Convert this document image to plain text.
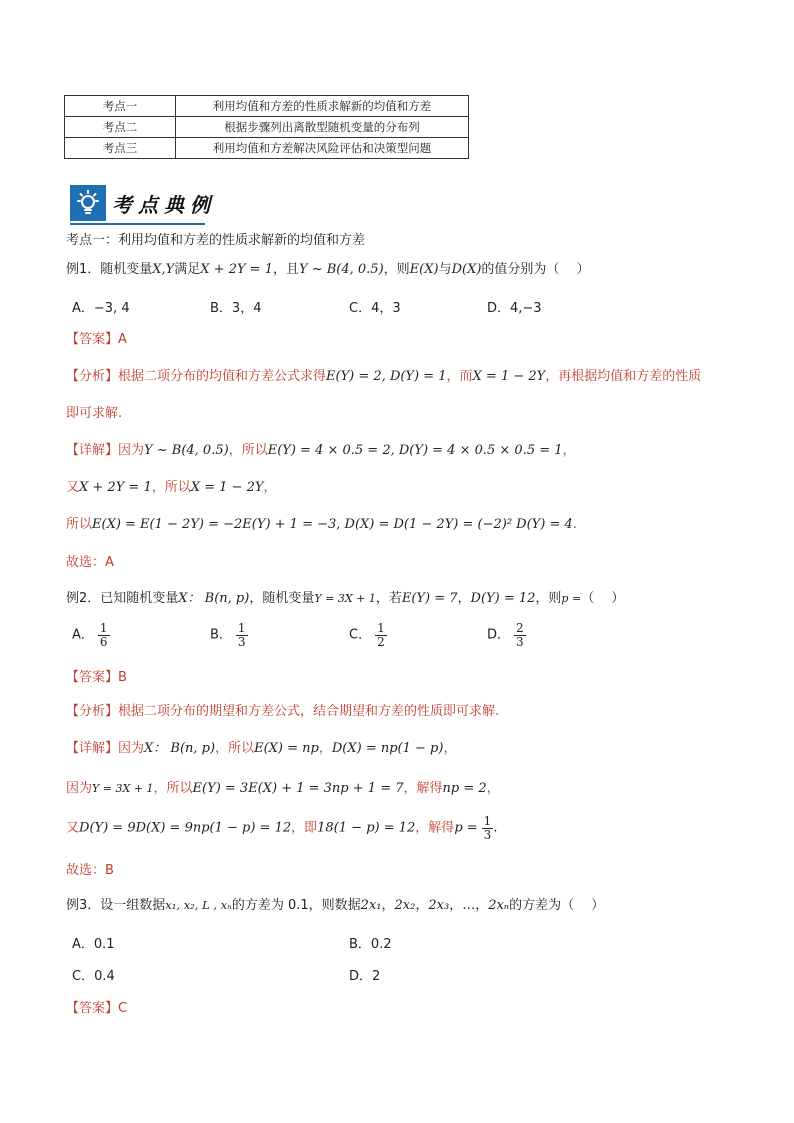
考点一	利用均值和方差的性质求解新的均值和方差
考点二	根据步骤列出离散型随机变量的分布列
考点三	利用均值和方差解决风险评估和决策型问题
考点典例
考点一：利用均值和方差的性质求解新的均值和方差
例1．随机变量X,Y满足X + 2Y = 1，且Y ~ B(4, 0.5)，则E(X)与D(X)的值分别为（　 ）
A．−3, 4	B．3，4	C．4，3	D．4,−3
【答案】A
【分析】根据二项分布的均值和方差公式求得E(Y) = 2, D(Y) = 1，而X = 1 − 2Y，再根据均值和方差的性质
即可求解.
【详解】因为Y ~ B(4, 0.5)，所以E(Y) = 4 × 0.5 = 2, D(Y) = 4 × 0.5 × 0.5 = 1，
又X + 2Y = 1，所以X = 1 − 2Y，
所以E(X) = E(1 − 2Y) = −2E(Y) + 1 = −3, D(X) = D(1 − 2Y) = (−2)² D(Y) = 4.
故选：A
例2．已知随机变量X： B(n, p)，随机变量Y = 3X + 1，若E(Y) = 7，D(Y) = 12，则p =（　 ）
A． $\frac{1}{6}$	B． $\frac{1}{3}$	C． $\frac{1}{2}$	D． $\frac{2}{3}$
【答案】B
【分析】根据二项分布的期望和方差公式，结合期望和方差的性质即可求解.
【详解】因为X： B(n, p)，所以E(X) = np，D(X) = np(1 − p)，
因为Y = 3X + 1，所以E(Y) = 3E(X) + 1 = 3np + 1 = 7，解得np = 2，
又D(Y) = 9D(X) = 9np(1 − p) = 12，即18(1 − p) = 12，解得$p = \frac{1}{3}$ .
故选：B
例3．设一组数据x₁, x₂, L , xₙ的方差为 0.1，则数据2x₁，2x₂，2x₃，…，2xₙ的方差为（　 ）
A．0.1	B．0.2
C．0.4	D．2
【答案】C
